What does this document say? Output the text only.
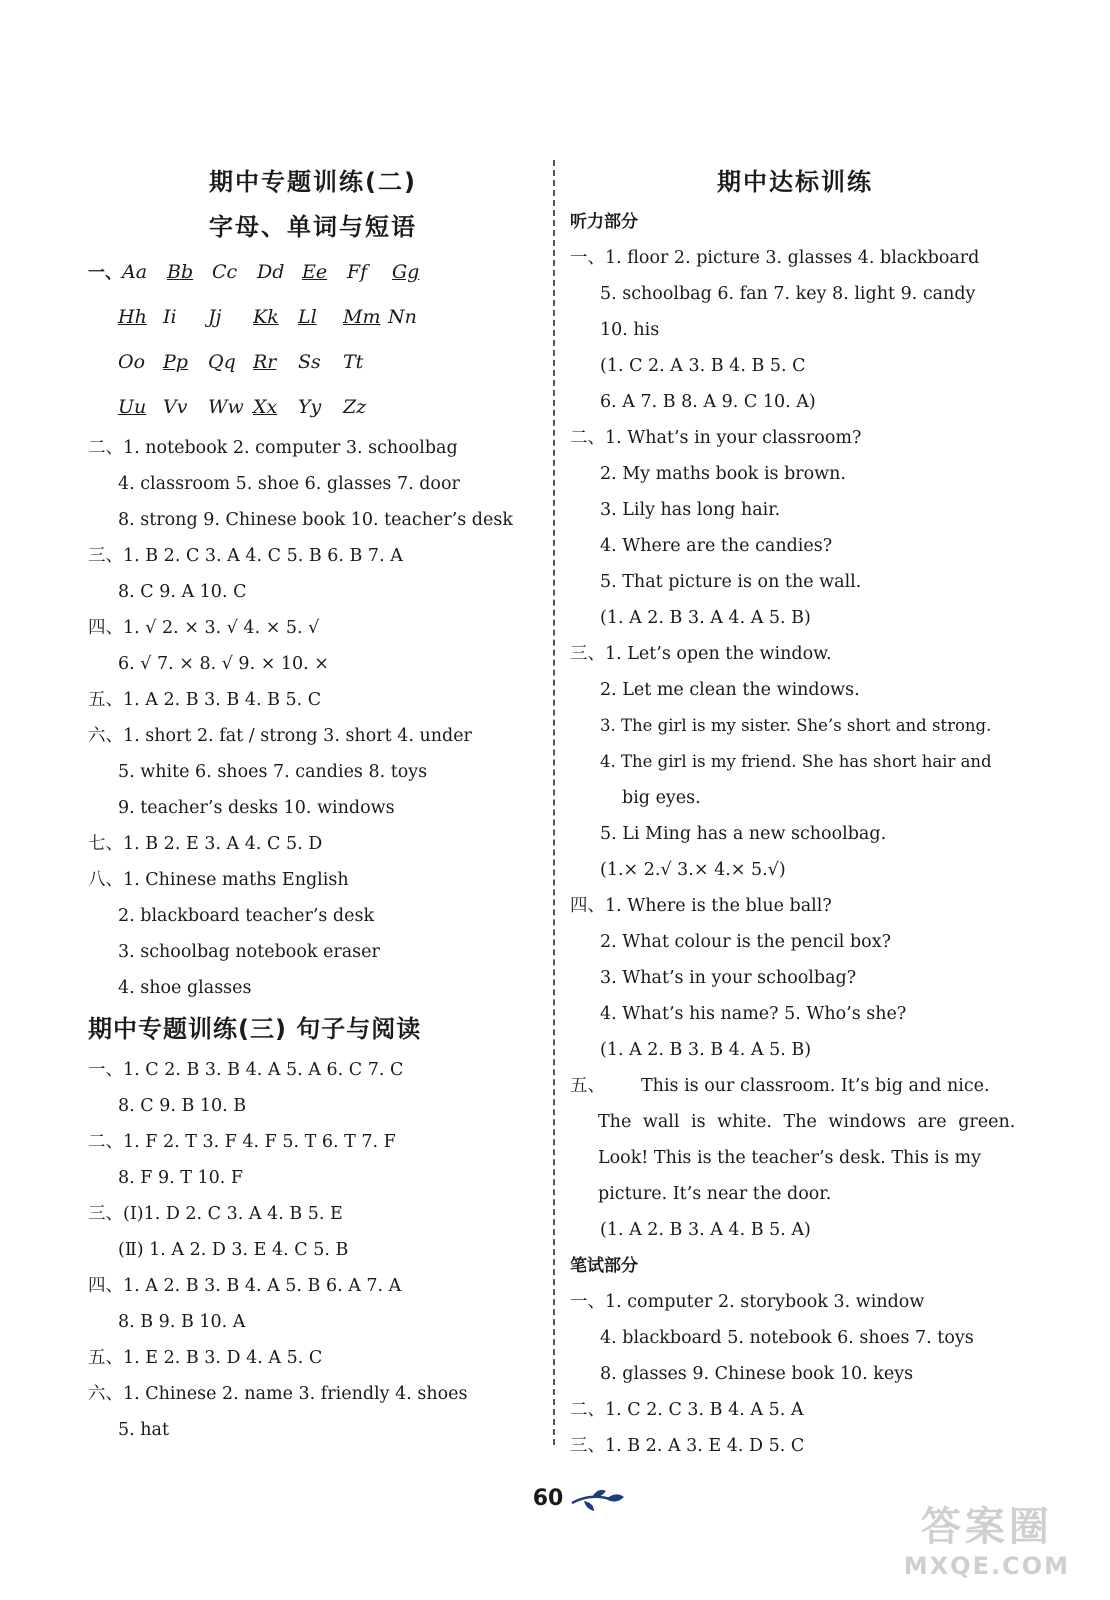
期中专题训练(二)
字母、单词与短语
一、Aa Bb Cc Dd Ee Ff Gg
Hh Ii Jj Kk Ll Mm Nn
Oo Pp Qq Rr Ss Tt
Uu Vv Ww Xx Yy Zz
二、1. notebook 2. computer 3. schoolbag
4. classroom 5. shoe 6. glasses 7. door
8. strong 9. Chinese book 10. teacher’s desk
三、1. B 2. C 3. A 4. C 5. B 6. B 7. A
8. C 9. A 10. C
四、1. √ 2. × 3. √ 4. × 5. √
6. √ 7. × 8. √ 9. × 10. ×
五、1. A 2. B 3. B 4. B 5. C
六、1. short 2. fat / strong 3. short 4. under
5. white 6. shoes 7. candies 8. toys
9. teacher’s desks 10. windows
七、1. B 2. E 3. A 4. C 5. D
八、1. Chinese maths English
2. blackboard teacher’s desk
3. schoolbag notebook eraser
4. shoe glasses
期中专题训练(三) 句子与阅读
一、1. C 2. B 3. B 4. A 5. A 6. C 7. C
8. C 9. B 10. B
二、1. F 2. T 3. F 4. F 5. T 6. T 7. F
8. F 9. T 10. F
三、(Ⅰ)1. D 2. C 3. A 4. B 5. E
(Ⅱ) 1. A 2. D 3. E 4. C 5. B
四、1. A 2. B 3. B 4. A 5. B 6. A 7. A
8. B 9. B 10. A
五、1. E 2. B 3. D 4. A 5. C
六、1. Chinese 2. name 3. friendly 4. shoes
5. hat
期中达标训练
听力部分
一、1. floor 2. picture 3. glasses 4. blackboard
5. schoolbag 6. fan 7. key 8. light 9. candy
10. his
(1. C 2. A 3. B 4. B 5. C
6. A 7. B 8. A 9. C 10. A)
二、1. What’s in your classroom?
2. My maths book is brown.
3. Lily has long hair.
4. Where are the candies?
5. That picture is on the wall.
(1. A 2. B 3. A 4. A 5. B)
三、1. Let’s open the window.
2. Let me clean the windows.
3. The girl is my sister. She’s short and strong.
4. The girl is my friend. She has short hair and
big eyes.
5. Li Ming has a new schoolbag.
(1.× 2.√ 3.× 4.× 5.√)
四、1. Where is the blue ball?
2. What colour is the pencil box?
3. What’s in your schoolbag?
4. What’s his name? 5. Who’s she?
(1. A 2. B 3. B 4. A 5. B)
五、 This is our classroom. It’s big and nice.
The wall is white. The windows are green.
Look! This is the teacher’s desk. This is my
picture. It’s near the door.
(1. A 2. B 3. A 4. B 5. A)
笔试部分
一、1. computer 2. storybook 3. window
4. blackboard 5. notebook 6. shoes 7. toys
8. glasses 9. Chinese book 10. keys
二、1. C 2. C 3. B 4. A 5. A
三、1. B 2. A 3. E 4. D 5. C
60
答案圈
MXQE.COM
